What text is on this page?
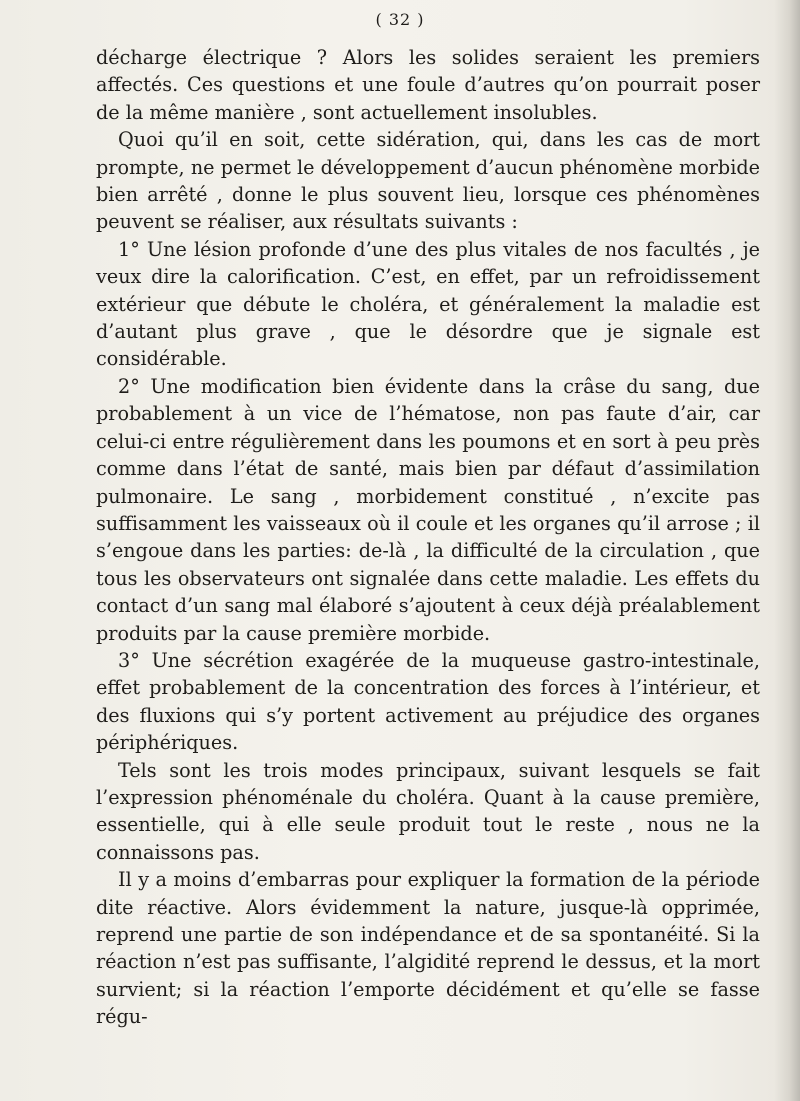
( 32 )

décharge électrique ? Alors les solides seraient les premiers affectés. Ces questions et une foule d’autres qu’on pourrait poser de la même manière , sont actuellement insolubles.

Quoi qu’il en soit, cette sidération, qui, dans les cas de mort prompte, ne permet le développement d’aucun phénomène morbide bien arrêté , donne le plus souvent lieu, lorsque ces phénomènes peuvent se réaliser, aux résultats suivants :

1° Une lésion profonde d’une des plus vitales de nos facultés , je veux dire la calorification. C’est, en effet, par un refroidissement extérieur que débute le choléra, et généralement la maladie est d’autant plus grave , que le désordre que je signale est considérable.

2° Une modification bien évidente dans la crâse du sang, due probablement à un vice de l’hématose, non pas faute d’air, car celui-ci entre régulièrement dans les poumons et en sort à peu près comme dans l’état de santé, mais bien par défaut d’assimilation pulmonaire. Le sang , morbidement constitué , n’excite pas suffisamment les vaisseaux où il coule et les organes qu’il arrose ; il s’engoue dans les parties: de-là , la difficulté de la circulation , que tous les observateurs ont signalée dans cette maladie. Les effets du contact d’un sang mal élaboré s’ajoutent à ceux déjà préalablement produits par la cause première morbide.

3° Une sécrétion exagérée de la muqueuse gastro-intestinale, effet probablement de la concentration des forces à l’intérieur, et des fluxions qui s’y portent activement au préjudice des organes périphériques.

Tels sont les trois modes principaux, suivant lesquels se fait l’expression phénoménale du choléra. Quant à la cause première, essentielle, qui à elle seule produit tout le reste , nous ne la connaissons pas.

Il y a moins d’embarras pour expliquer la formation de la période dite réactive. Alors évidemment la nature, jusque-là opprimée, reprend une partie de son indépendance et de sa spontanéité. Si la réaction n’est pas suffisante, l’algidité reprend le dessus, et la mort survient; si la réaction l’emporte décidément et qu’elle se fasse régu-
